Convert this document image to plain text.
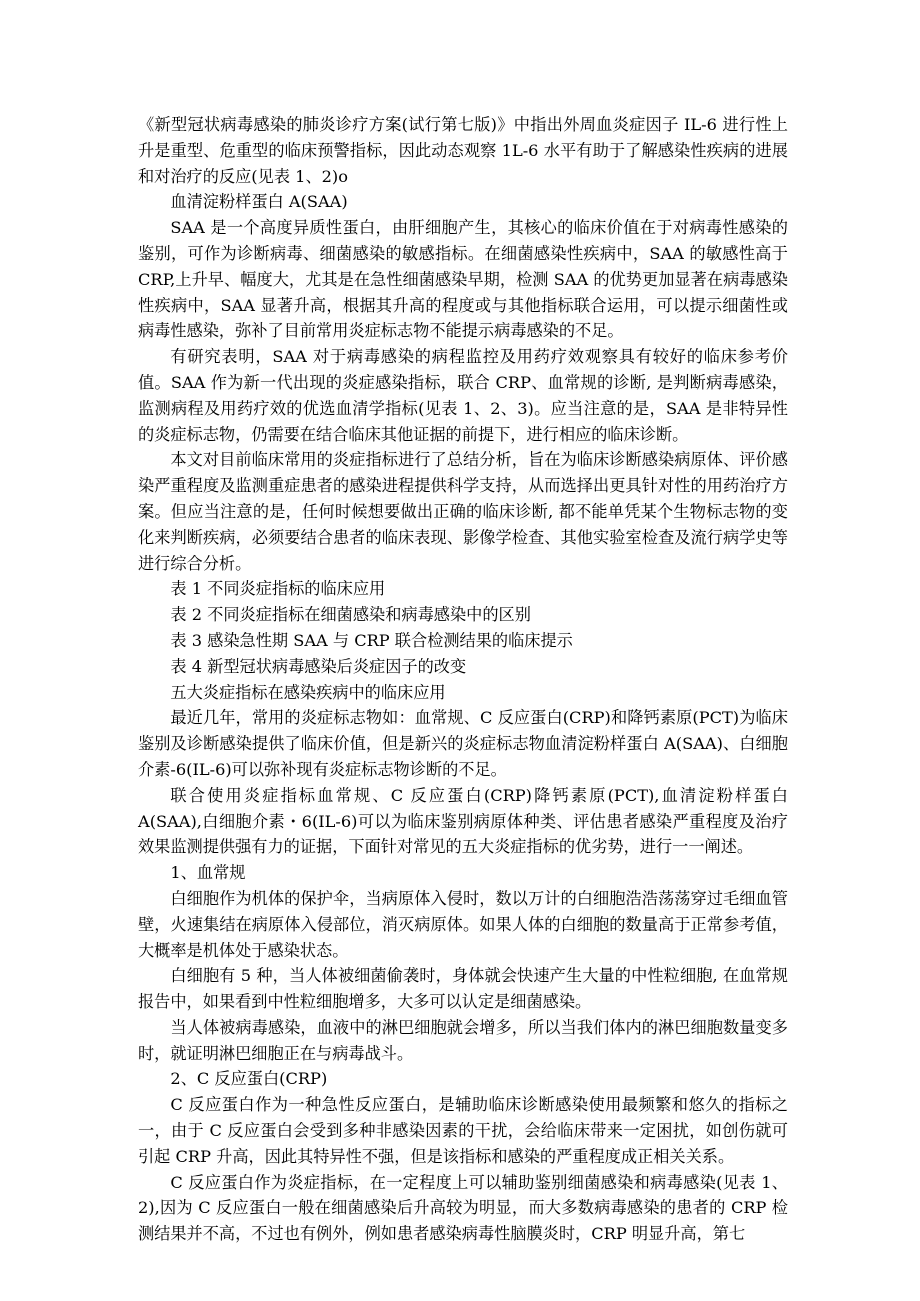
《新型冠状病毒感染的肺炎诊疗方案(试行第七版)》中指出外周血炎症因子 IL-6 进行性上升是重型、危重型的临床预警指标，因此动态观察 1L-6 水平有助于了解感染性疾病的进展和对治疗的反应(见表 1、2)o

血清淀粉样蛋白 A(SAA)

SAA 是一个高度异质性蛋白，由肝细胞产生，其核心的临床价值在于对病毒性感染的鉴别，可作为诊断病毒、细菌感染的敏感指标。在细菌感染性疾病中，SAA 的敏感性高于 CRP,上升早、幅度大，尤其是在急性细菌感染早期，检测 SAA 的优势更加显著在病毒感染性疾病中，SAA 显著升高，根据其升高的程度或与其他指标联合运用，可以提示细菌性或病毒性感染，弥补了目前常用炎症标志物不能提示病毒感染的不足。

有研究表明，SAA 对于病毒感染的病程监控及用药疗效观察具有较好的临床参考价值。SAA 作为新一代出现的炎症感染指标，联合 CRP、血常规的诊断, 是判断病毒感染，监测病程及用药疗效的优选血清学指标(见表 1、2、3)。应当注意的是，SAA 是非特异性的炎症标志物，仍需要在结合临床其他证据的前提下，进行相应的临床诊断。

本文对目前临床常用的炎症指标进行了总结分析，旨在为临床诊断感染病原体、评价感染严重程度及监测重症患者的感染进程提供科学支持，从而选择出更具针对性的用药治疗方案。但应当注意的是，任何时候想要做出正确的临床诊断, 都不能单凭某个生物标志物的变化来判断疾病，必须要结合患者的临床表现、影像学检查、其他实验室检查及流行病学史等进行综合分析。

表 1 不同炎症指标的临床应用

表 2 不同炎症指标在细菌感染和病毒感染中的区别

表 3 感染急性期 SAA 与 CRP 联合检测结果的临床提示

表 4 新型冠状病毒感染后炎症因子的改变

五大炎症指标在感染疾病中的临床应用

最近几年，常用的炎症标志物如：血常规、C 反应蛋白(CRP)和降钙素原(PCT)为临床鉴别及诊断感染提供了临床价值，但是新兴的炎症标志物血清淀粉样蛋白 A(SAA)、白细胞介素-6(IL-6)可以弥补现有炎症标志物诊断的不足。

联合使用炎症指标血常规、C 反应蛋白(CRP)降钙素原(PCT),血清淀粉样蛋白 A(SAA),白细胞介素・6(IL-6)可以为临床鉴别病原体种类、评估患者感染严重程度及治疗效果监测提供强有力的证据，下面针对常见的五大炎症指标的优劣势，进行一一阐述。

1、血常规

白细胞作为机体的保护伞，当病原体入侵时，数以万计的白细胞浩浩荡荡穿过毛细血管壁，火速集结在病原体入侵部位，消灭病原体。如果人体的白细胞的数量高于正常参考值，大概率是机体处于感染状态。

白细胞有 5 种，当人体被细菌偷袭时，身体就会快速产生大量的中性粒细胞, 在血常规报告中，如果看到中性粒细胞增多，大多可以认定是细菌感染。

当人体被病毒感染，血液中的淋巴细胞就会增多，所以当我们体内的淋巴细胞数量变多时，就证明淋巴细胞正在与病毒战斗。

2、C 反应蛋白(CRP)

C 反应蛋白作为一种急性反应蛋白，是辅助临床诊断感染使用最频繁和悠久的指标之一，由于 C 反应蛋白会受到多种非感染因素的干扰，会给临床带来一定困扰，如创伤就可引起 CRP 升高，因此其特异性不强，但是该指标和感染的严重程度成正相关关系。

C 反应蛋白作为炎症指标，在一定程度上可以辅助鉴别细菌感染和病毒感染(见表 1、2),因为 C 反应蛋白一般在细菌感染后升高较为明显，而大多数病毒感染的患者的 CRP 检测结果并不高，不过也有例外，例如患者感染病毒性脑膜炎时，CRP 明显升高，第七
